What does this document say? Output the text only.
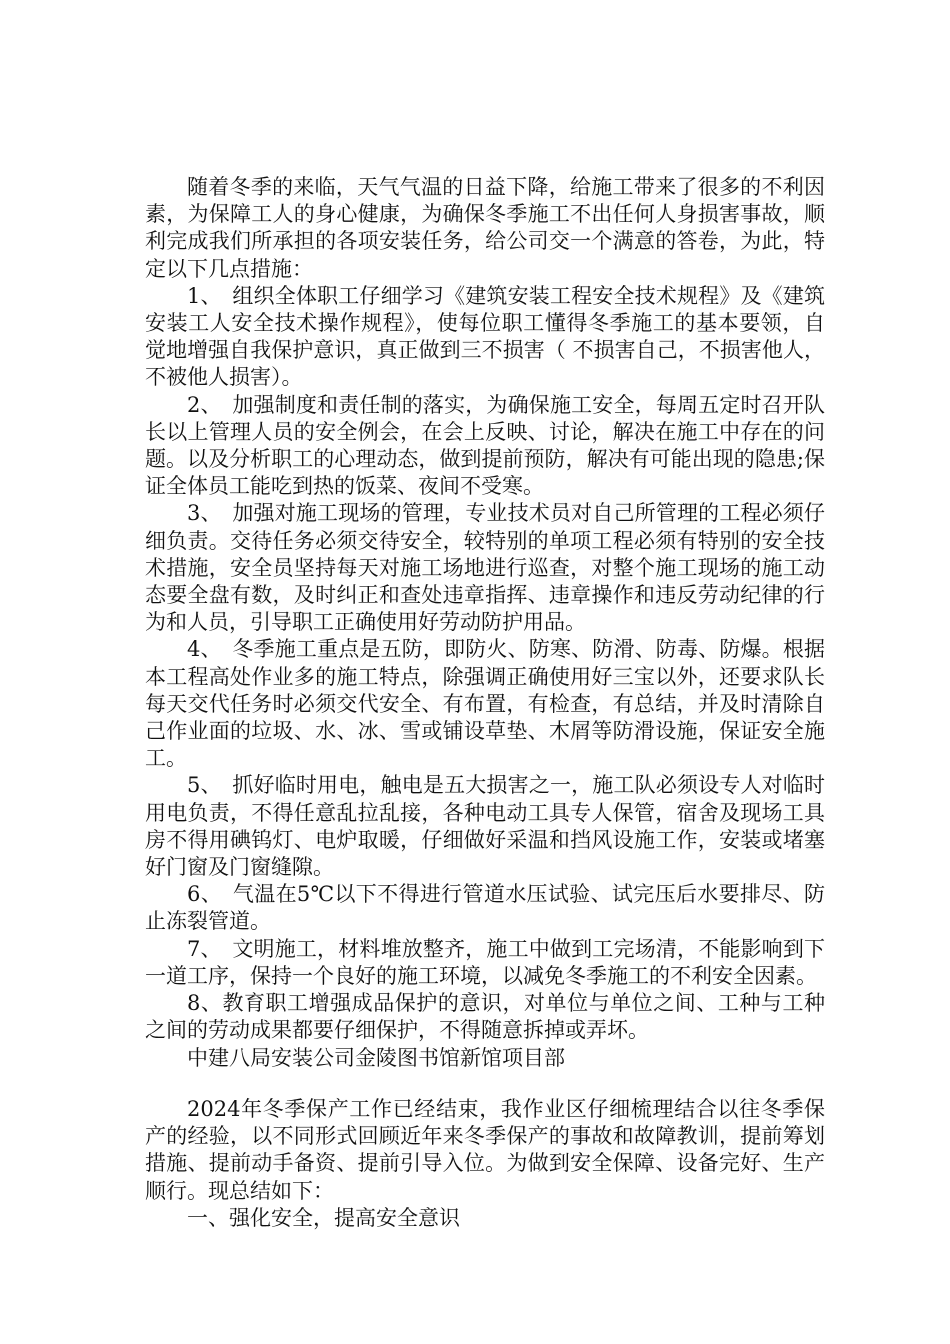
随着冬季的来临，天气气温的日益下降，给施工带来了很多的不利因素，为保障工人的身心健康，为确保冬季施工不出任何人身损害事故，顺利完成我们所承担的各项安装任务，给公司交一个满意的答卷，为此，特定以下几点措施：

1、　组织全体职工仔细学习《建筑安装工程安全技术规程》及《建筑安装工人安全技术操作规程》，使每位职工懂得冬季施工的基本要领，自觉地增强自我保护意识，真正做到三不损害（ 不损害自己，不损害他人，不被他人损害）。

2、　加强制度和责任制的落实，为确保施工安全，每周五定时召开队长以上管理人员的安全例会，在会上反映、讨论，解决在施工中存在的问题。以及分析职工的心理动态，做到提前预防，解决有可能出现的隐患;保证全体员工能吃到热的饭菜、夜间不受寒。

3、　加强对施工现场的管理，专业技术员对自己所管理的工程必须仔细负责。交待任务必须交待安全，较特别的单项工程必须有特别的安全技术措施，安全员坚持每天对施工场地进行巡查，对整个施工现场的施工动态要全盘有数，及时纠正和查处违章指挥、违章操作和违反劳动纪律的行为和人员，引导职工正确使用好劳动防护用品。

4、　冬季施工重点是五防，即防火、防寒、防滑、防毒、防爆。根据本工程高处作业多的施工特点，除强调正确使用好三宝以外，还要求队长每天交代任务时必须交代安全、有布置，有检查，有总结，并及时清除自己作业面的垃圾、水、冰、雪或铺设草垫、木屑等防滑设施，保证安全施工。

5、　抓好临时用电，触电是五大损害之一，施工队必须设专人对临时用电负责，不得任意乱拉乱接，各种电动工具专人保管，宿舍及现场工具房不得用碘钨灯、电炉取暖，仔细做好采温和挡风设施工作，安装或堵塞好门窗及门窗缝隙。

6、　气温在5℃以下不得进行管道水压试验、试完压后水要排尽、防止冻裂管道。

7、　文明施工，材料堆放整齐，施工中做到工完场清，不能影响到下一道工序，保持一个良好的施工环境，以减免冬季施工的不利安全因素。

8、教育职工增强成品保护的意识，对单位与单位之间、工种与工种之间的劳动成果都要仔细保护，不得随意拆掉或弄坏。

中建八局安装公司金陵图书馆新馆项目部

2024年冬季保产工作已经结束，我作业区仔细梳理结合以往冬季保产的经验，以不同形式回顾近年来冬季保产的事故和故障教训，提前筹划措施、提前动手备资、提前引导入位。为做到安全保障、设备完好、生产顺行。现总结如下：

一、强化安全，提高安全意识
